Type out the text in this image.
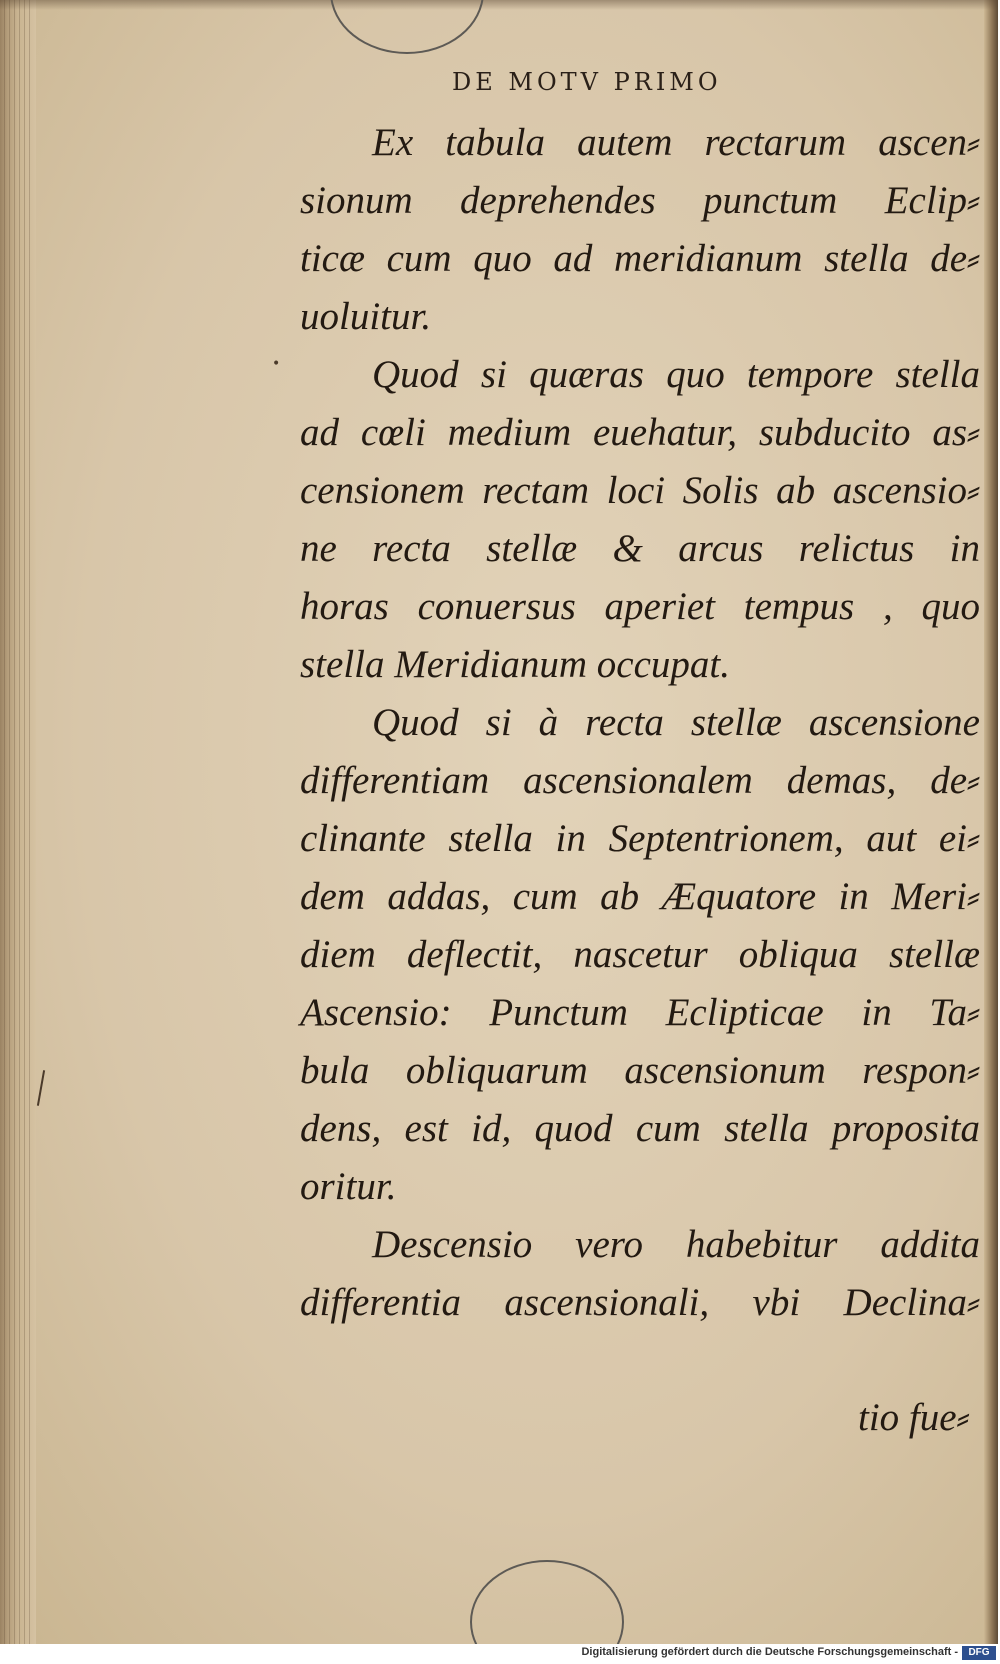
•
DE MOTV PRIMO
Ex tabula autem rectarum ascen⸗
sionum deprehendes punctum Eclip⸗
ticæ cum quo ad meridianum stella de⸗
uoluitur.
Quod si quæras quo tempore stella
ad cœli medium euehatur, subducito as⸗
censionem rectam loci Solis ab ascensio⸗
ne recta stellæ & arcus relictus in
horas conuersus aperiet tempus , quo
stella Meridianum occupat.
Quod si à recta stellæ ascensione
differentiam ascensionalem demas, de⸗
clinante stella in Septentrionem, aut ei⸗
dem addas, cum ab Æquatore in Meri⸗
diem deflectit, nascetur obliqua stellæ
Ascensio: Punctum Eclipticae in Ta⸗
bula obliquarum ascensionum respon⸗
dens, est id, quod cum stella proposita
oritur.
Descensio vero habebitur addita
differentia ascensionali, vbi Declina⸗
tio fue⸗
Digitalisierung gefördert durch die Deutsche Forschungsgemeinschaft -	DFG
